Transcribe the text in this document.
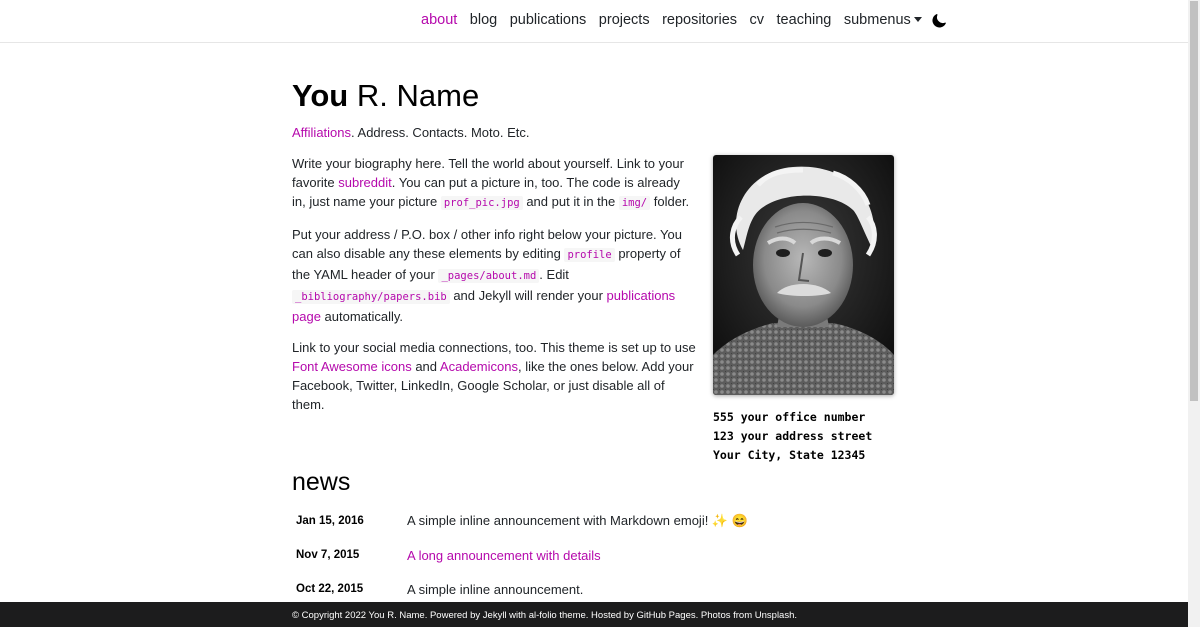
about blog publications projects repositories cv teaching submenus
You R. Name

Affiliations. Address. Contacts. Moto. Etc.

Write your biography here. Tell the world about yourself. Link to your favorite subreddit. You can put a picture in, too. The code is already in, just name your picture prof_pic.jpg and put it in the img/ folder.

Put your address / P.O. box / other info right below your picture. You can also disable any these elements by editing profile property of the YAML header of your _pages/about.md . Edit _bibliography/papers.bib and Jekyll will render your publications page automatically.

Link to your social media connections, too. This theme is set up to use Font Awesome icons and Academicons, like the ones below. Add your Facebook, Twitter, LinkedIn, Google Scholar, or just disable all of them.

555 your office number
123 your address street
Your City, State 12345
news
Jan 15, 2016	A simple inline announcement with Markdown emoji! ✨ 😄
Nov 7, 2015	A long announcement with details
Oct 22, 2015	A simple inline announcement.
© Copyright 2022 You R. Name. Powered by Jekyll with al-folio theme. Hosted by GitHub Pages. Photos from Unsplash.
